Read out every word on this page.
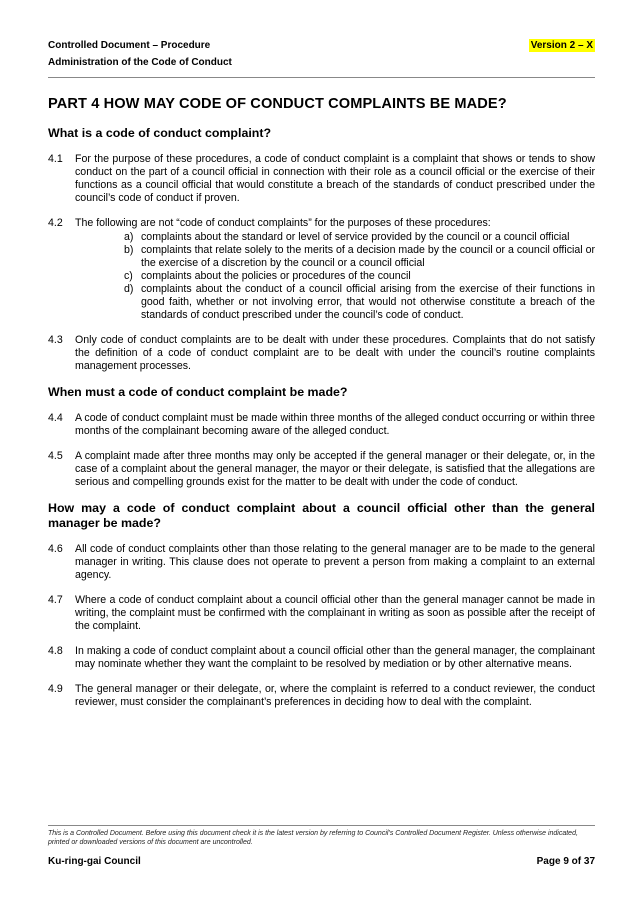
Controlled Document – Procedure
Administration of the Code of Conduct
Version 2 – X
PART 4 HOW MAY CODE OF CONDUCT COMPLAINTS BE MADE?
What is a code of conduct complaint?
4.1	For the purpose of these procedures, a code of conduct complaint is a complaint that shows or tends to show conduct on the part of a council official in connection with their role as a council official or the exercise of their functions as a council official that would constitute a breach of the standards of conduct prescribed under the council’s code of conduct if proven.
4.2	The following are not “code of conduct complaints” for the purposes of these procedures:
a) complaints about the standard or level of service provided by the council or a council official
b) complaints that relate solely to the merits of a decision made by the council or a council official or the exercise of a discretion by the council or a council official
c) complaints about the policies or procedures of the council
d) complaints about the conduct of a council official arising from the exercise of their functions in good faith, whether or not involving error, that would not otherwise constitute a breach of the standards of conduct prescribed under the council’s code of conduct.
4.3	Only code of conduct complaints are to be dealt with under these procedures. Complaints that do not satisfy the definition of a code of conduct complaint are to be dealt with under the council’s routine complaints management processes.
When must a code of conduct complaint be made?
4.4	A code of conduct complaint must be made within three months of the alleged conduct occurring or within three months of the complainant becoming aware of the alleged conduct.
4.5	A complaint made after three months may only be accepted if the general manager or their delegate, or, in the case of a complaint about the general manager, the mayor or their delegate, is satisfied that the allegations are serious and compelling grounds exist for the matter to be dealt with under the code of conduct.
How may a code of conduct complaint about a council official other than the general manager be made?
4.6	All code of conduct complaints other than those relating to the general manager are to be made to the general manager in writing. This clause does not operate to prevent a person from making a complaint to an external agency.
4.7	Where a code of conduct complaint about a council official other than the general manager cannot be made in writing, the complaint must be confirmed with the complainant in writing as soon as possible after the receipt of the complaint.
4.8	In making a code of conduct complaint about a council official other than the general manager, the complainant may nominate whether they want the complaint to be resolved by mediation or by other alternative means.
4.9	The general manager or their delegate, or, where the complaint is referred to a conduct reviewer, the conduct reviewer, must consider the complainant’s preferences in deciding how to deal with the complaint.
This is a Controlled Document. Before using this document check it is the latest version by referring to Council’s Controlled Document Register. Unless otherwise indicated, printed or downloaded versions of this document are uncontrolled.
Ku-ring-gai Council	Page 9 of 37
